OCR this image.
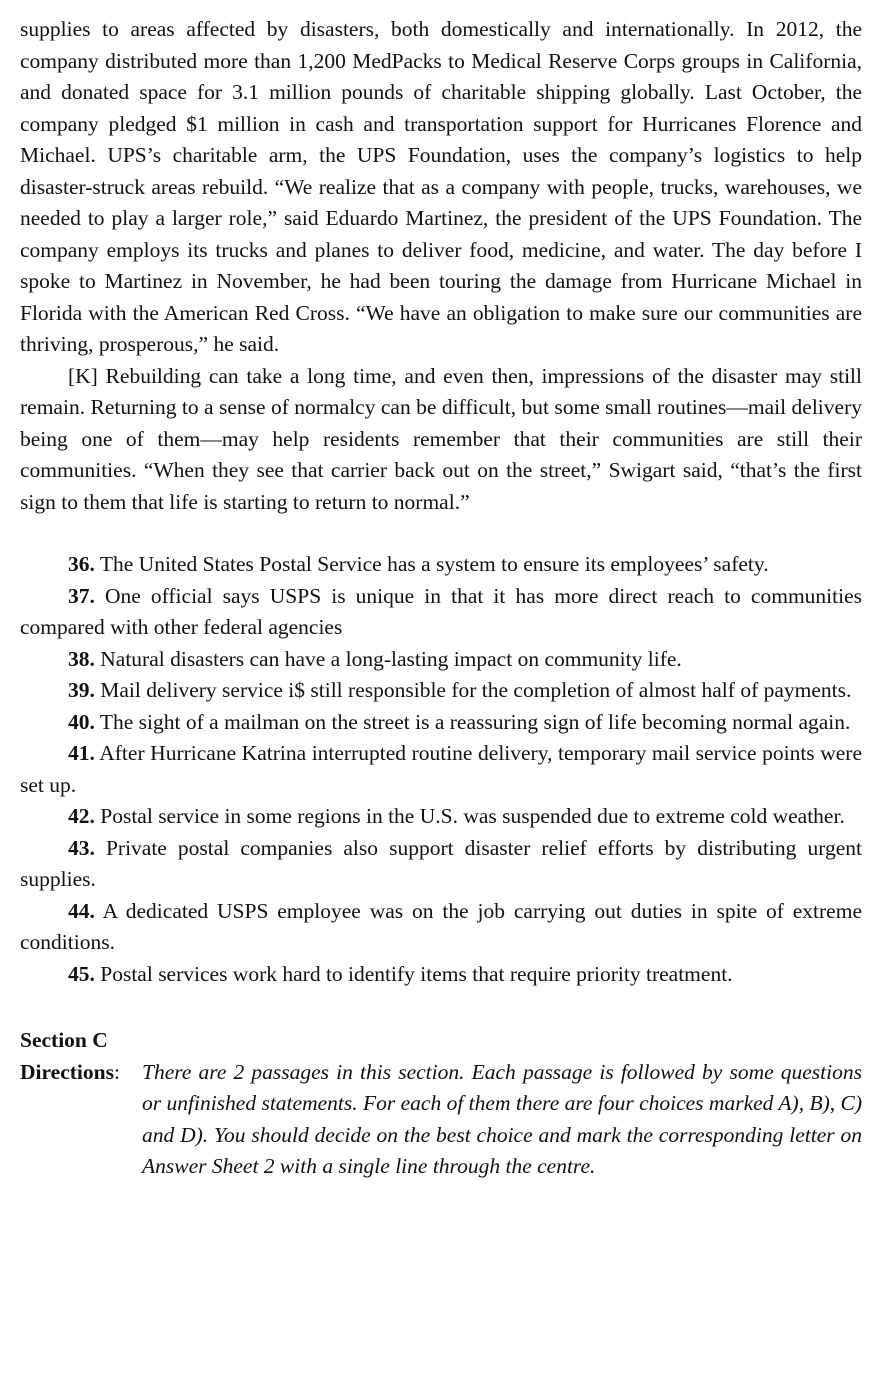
supplies to areas affected by disasters, both domestically and internationally. In 2012, the company distributed more than 1,200 MedPacks to Medical Reserve Corps groups in California, and donated space for 3.1 million pounds of charitable shipping globally. Last October, the company pledged $1 million in cash and transportation support for Hurricanes Florence and Michael. UPS’s charitable arm, the UPS Foundation, uses the company’s logistics to help disaster-struck areas rebuild. “We realize that as a company with people, trucks, warehouses, we needed to play a larger role,” said Eduardo Martinez, the president of the UPS Foundation. The company employs its trucks and planes to deliver food, medicine, and water. The day before I spoke to Martinez in November, he had been touring the damage from Hurricane Michael in Florida with the American Red Cross. “We have an obligation to make sure our communities are thriving, prosperous,” he said.

[K] Rebuilding can take a long time, and even then, impressions of the disaster may still remain. Returning to a sense of normalcy can be difficult, but some small routines—mail delivery being one of them—may help residents remember that their communities are still their communities. “When they see that carrier back out on the street,” Swigart said, “that’s the first sign to them that life is starting to return to normal.”

36. The United States Postal Service has a system to ensure its employees’ safety.

37. One official says USPS is unique in that it has more direct reach to communities compared with other federal agencies

38. Natural disasters can have a long-lasting impact on community life.

39. Mail delivery service i$ still responsible for the completion of almost half of payments.

40. The sight of a mailman on the street is a reassuring sign of life becoming normal again.

41. After Hurricane Katrina interrupted routine delivery, temporary mail service points were set up.

42. Postal service in some regions in the U.S. was suspended due to extreme cold weather.

43. Private postal companies also support disaster relief efforts by distributing urgent supplies.

44. A dedicated USPS employee was on the job carrying out duties in spite of extreme conditions.

45. Postal services work hard to identify items that require priority treatment.

Section C
Directions:	There are 2 passages in this section. Each passage is followed by some questions or unfinished statements. For each of them there are four choices marked A), B), C) and D). You should decide on the best choice and mark the corresponding letter on Answer Sheet 2 with a single line through the centre.
